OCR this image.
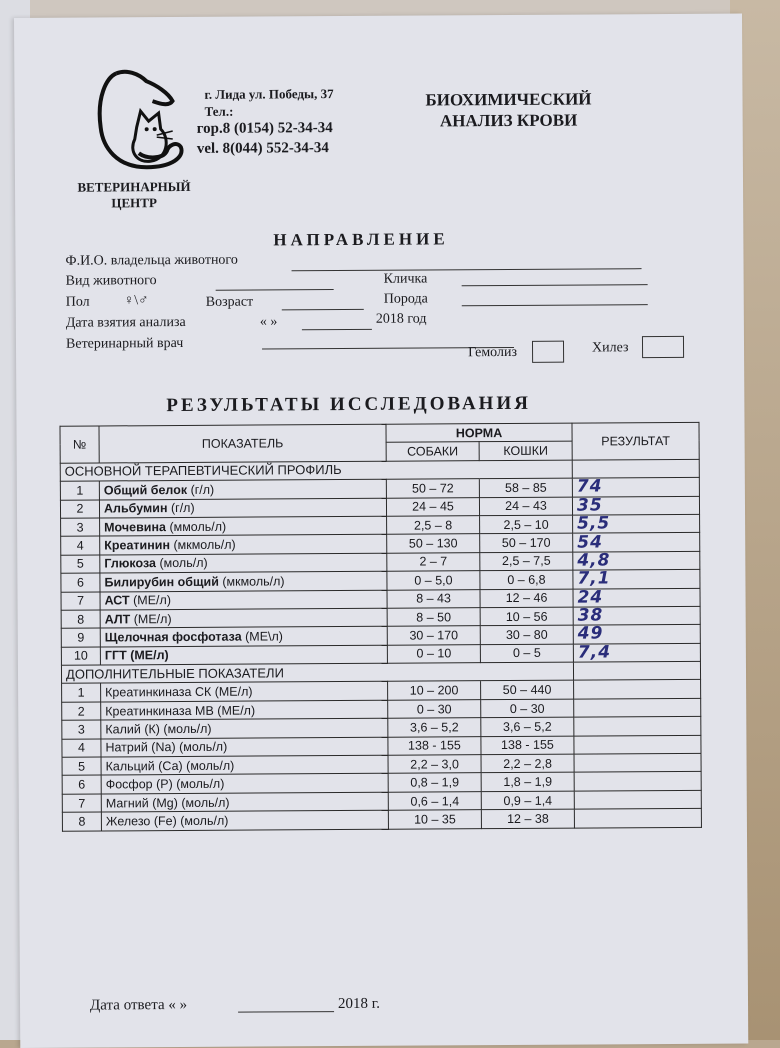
г. Лида ул. Победы, 37
Тел.:
гор.8 (0154) 52-34-34
vel. 8(044) 552-34-34
БИОХИМИЧЕСКИЙ
АНАЛИЗ КРОВИ
ВЕТЕРИНАРНЫЙ
ЦЕНТР
НАПРАВЛЕНИЕ
Ф.И.О. владельца животного
Вид животного	Кличка
Пол ♀\♂	Возраст	Порода
Дата взятия анализа	« »	2018 год
Ветеринарный врач
Гемолиз	Хилез
РЕЗУЛЬТАТЫ ИССЛЕДОВАНИЯ
№	ПОКАЗАТЕЛЬ	НОРМА		РЕЗУЛЬТАТ
		СОБАКИ	КОШКИ	
ОСНОВНОЙ ТЕРАПЕВТИЧЕСКИЙ ПРОФИЛЬ				
1	Общий белок (г/л)	50 – 72	58 – 85	74
2	Альбумин (г/л)	24 – 45	24 – 43	35
3	Мочевина (ммоль/л)	2,5 – 8	2,5 – 10	5,5
4	Креатинин (мкмоль/л)	50 – 130	50 – 170	54
5	Глюкоза (моль/л)	2 – 7	2,5 – 7,5	4,8
6	Билирубин общий (мкмоль/л)	0 – 5,0	0 – 6,8	7,1
7	АСТ (МЕ/л)	8 – 43	12 – 46	24
8	АЛТ (МЕ/л)	8 – 50	10 – 56	38
9	Щелочная фосфотаза (МЕ\л)	30 – 170	30 – 80	49
10	ГГТ (МЕ/л)	0 – 10	0 – 5	7,4
ДОПОЛНИТЕЛЬНЫЕ ПОКАЗАТЕЛИ				
1	Креатинкиназа СК (МЕ/л)	10 – 200	50 – 440	
2	Креатинкиназа МВ (МЕ/л)	0 – 30	0 – 30	
3	Калий (К) (моль/л)	3,6 – 5,2	3,6 – 5,2	
4	Натрий (Na) (моль/л)	138 - 155	138 - 155	
5	Кальций (Са) (моль/л)	2,2 – 3,0	2,2 – 2,8	
6	Фосфор (Р) (моль/л)	0,8 – 1,9	1,8 – 1,9	
7	Магний (Mg) (моль/л)	0,6 – 1,4	0,9 – 1,4	
8	Железо (Fe) (моль/л)	10 – 35	12 – 38	
Дата ответа « »	2018 г.
